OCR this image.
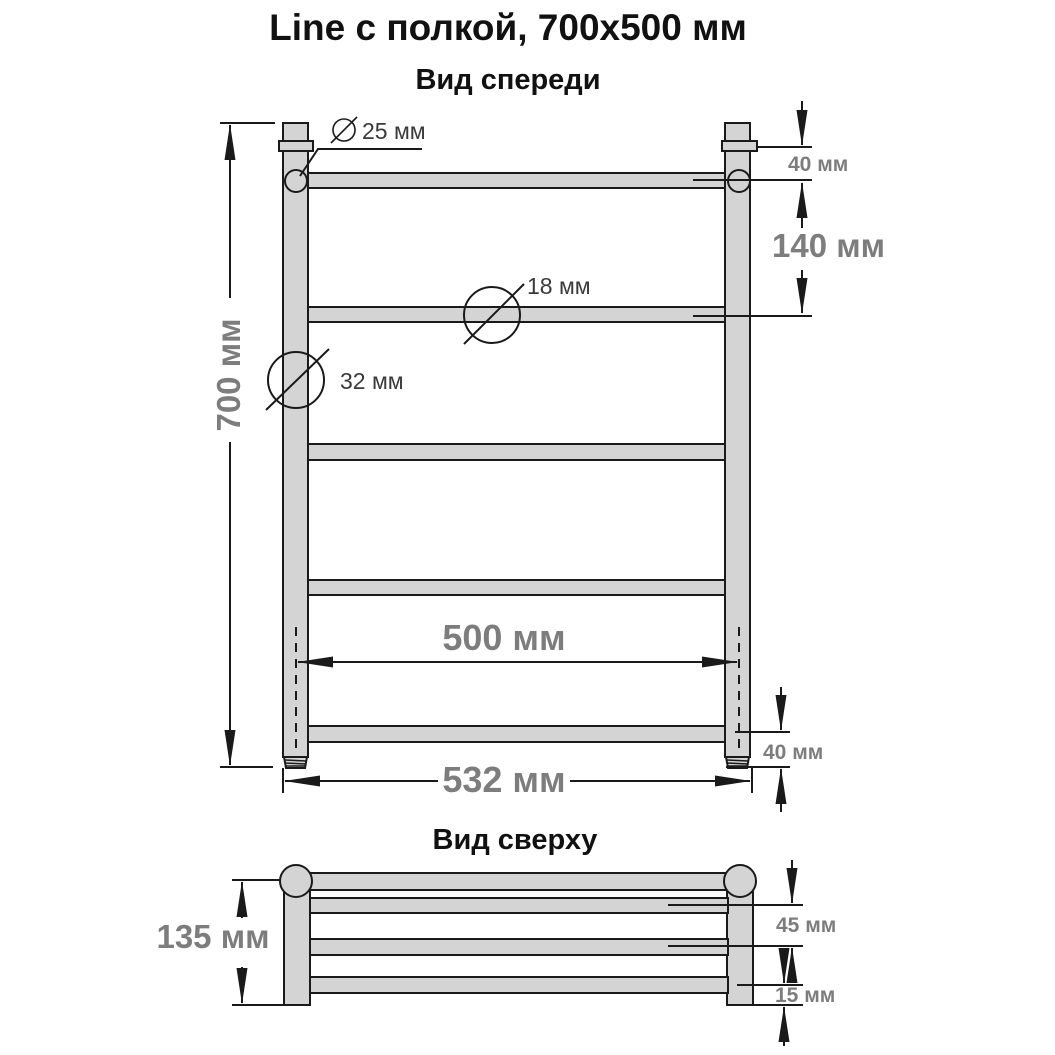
Line с полкой, 700x500 мм
Вид спереди
700 мм
25 мм
18 мм
32 мм
40 мм
140 мм
500 мм
40 мм
532 мм
Вид сверху
135 мм	45 мм
15 мм
